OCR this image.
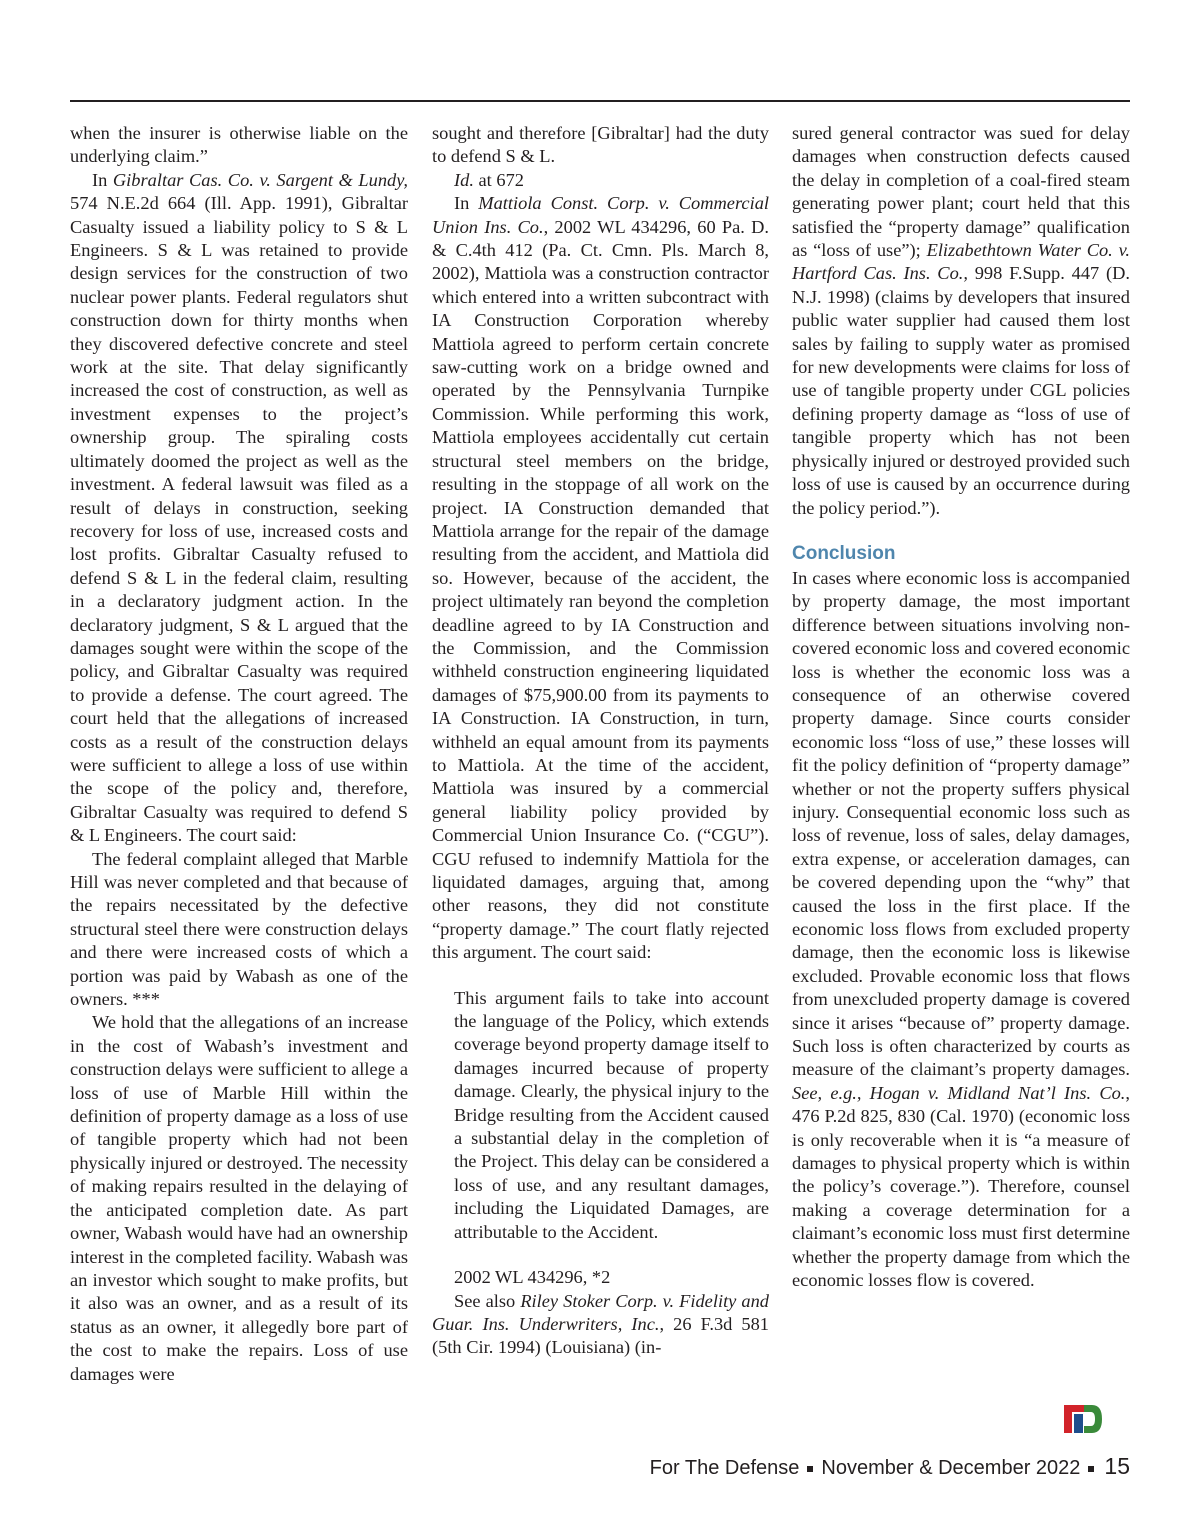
when the insurer is otherwise liable on the underlying claim.”

In Gibraltar Cas. Co. v. Sargent & Lundy, 574 N.E.2d 664 (Ill. App. 1991), Gibraltar Casualty issued a liability policy to S & L Engineers. S & L was retained to provide design services for the construction of two nuclear power plants. Federal regulators shut construction down for thirty months when they discovered defective concrete and steel work at the site. That delay significantly increased the cost of construction, as well as investment expenses to the project’s ownership group. The spiraling costs ultimately doomed the project as well as the investment. A federal lawsuit was filed as a result of delays in construction, seeking recovery for loss of use, increased costs and lost profits. Gibraltar Casualty refused to defend S & L in the federal claim, resulting in a declaratory judgment action. In the declaratory judgment, S & L argued that the damages sought were within the scope of the policy, and Gibraltar Casualty was required to provide a defense. The court agreed. The court held that the allegations of increased costs as a result of the construction delays were sufficient to allege a loss of use within the scope of the policy and, therefore, Gibraltar Casualty was required to defend S & L Engineers. The court said:

The federal complaint alleged that Marble Hill was never completed and that because of the repairs necessitated by the defective structural steel there were construction delays and there were increased costs of which a portion was paid by Wabash as one of the owners. ***

We hold that the allegations of an increase in the cost of Wabash’s investment and construction delays were sufficient to allege a loss of use of Marble Hill within the definition of property damage as a loss of use of tangible property which had not been physically injured or destroyed. The necessity of making repairs resulted in the delaying of the anticipated completion date. As part owner, Wabash would have had an ownership interest in the completed facility. Wabash was an investor which sought to make profits, but it also was an owner, and as a result of its status as an owner, it allegedly bore part of the cost to make the repairs. Loss of use damages were

sought and therefore [Gibraltar] had the duty to defend S & L.

Id. at 672

In Mattiola Const. Corp. v. Commercial Union Ins. Co., 2002 WL 434296, 60 Pa. D. & C.4th 412 (Pa. Ct. Cmn. Pls. March 8, 2002), Mattiola was a construction contractor which entered into a written subcontract with IA Construction Corporation whereby Mattiola agreed to perform certain concrete saw-cutting work on a bridge owned and operated by the Pennsylvania Turnpike Commission. While performing this work, Mattiola employees accidentally cut certain structural steel members on the bridge, resulting in the stoppage of all work on the project. IA Construction demanded that Mattiola arrange for the repair of the damage resulting from the accident, and Mattiola did so. However, because of the accident, the project ultimately ran beyond the completion deadline agreed to by IA Construction and the Commission, and the Commission withheld construction engineering liquidated damages of $75,900.00 from its payments to IA Construction. IA Construction, in turn, withheld an equal amount from its payments to Mattiola. At the time of the accident, Mattiola was insured by a commercial general liability policy provided by Commercial Union Insurance Co. (“CGU”). CGU refused to indemnify Mattiola for the liquidated damages, arguing that, among other reasons, they did not constitute “property damage.” The court flatly rejected this argument. The court said:

This argument fails to take into account the language of the Policy, which extends coverage beyond property damage itself to damages incurred because of property damage. Clearly, the physical injury to the Bridge resulting from the Accident caused a substantial delay in the completion of the Project. This delay can be considered a loss of use, and any resultant damages, including the Liquidated Damages, are attributable to the Accident.

2002 WL 434296, *2

See also Riley Stoker Corp. v. Fidelity and Guar. Ins. Underwriters, Inc., 26 F.3d 581 (5th Cir. 1994) (Louisiana) (in-

sured general contractor was sued for delay damages when construction defects caused the delay in completion of a coal-fired steam generating power plant; court held that this satisfied the “property damage” qualification as “loss of use”); Elizabethtown Water Co. v. Hartford Cas. Ins. Co., 998 F.Supp. 447 (D. N.J. 1998) (claims by developers that insured public water supplier had caused them lost sales by failing to supply water as promised for new developments were claims for loss of use of tangible property under CGL policies defining property damage as “loss of use of tangible property which has not been physically injured or destroyed provided such loss of use is caused by an occurrence during the policy period.”).

Conclusion

In cases where economic loss is accompanied by property damage, the most important difference between situations involving non-covered economic loss and covered economic loss is whether the economic loss was a consequence of an otherwise covered property damage. Since courts consider economic loss “loss of use,” these losses will fit the policy definition of “property damage” whether or not the property suffers physical injury. Consequential economic loss such as loss of revenue, loss of sales, delay damages, extra expense, or acceleration damages, can be covered depending upon the “why” that caused the loss in the first place. If the economic loss flows from excluded property damage, then the economic loss is likewise excluded. Provable economic loss that flows from unexcluded property damage is covered since it arises “because of” property damage. Such loss is often characterized by courts as measure of the claimant’s property damages. See, e.g., Hogan v. Midland Nat’l Ins. Co., 476 P.2d 825, 830 (Cal. 1970) (economic loss is only recoverable when it is “a measure of damages to physical property which is within the policy’s coverage.”). Therefore, counsel making a coverage determination for a claimant’s economic loss must first determine whether the property damage from which the economic losses flow is covered.

For The Defense November & December 2022 15
